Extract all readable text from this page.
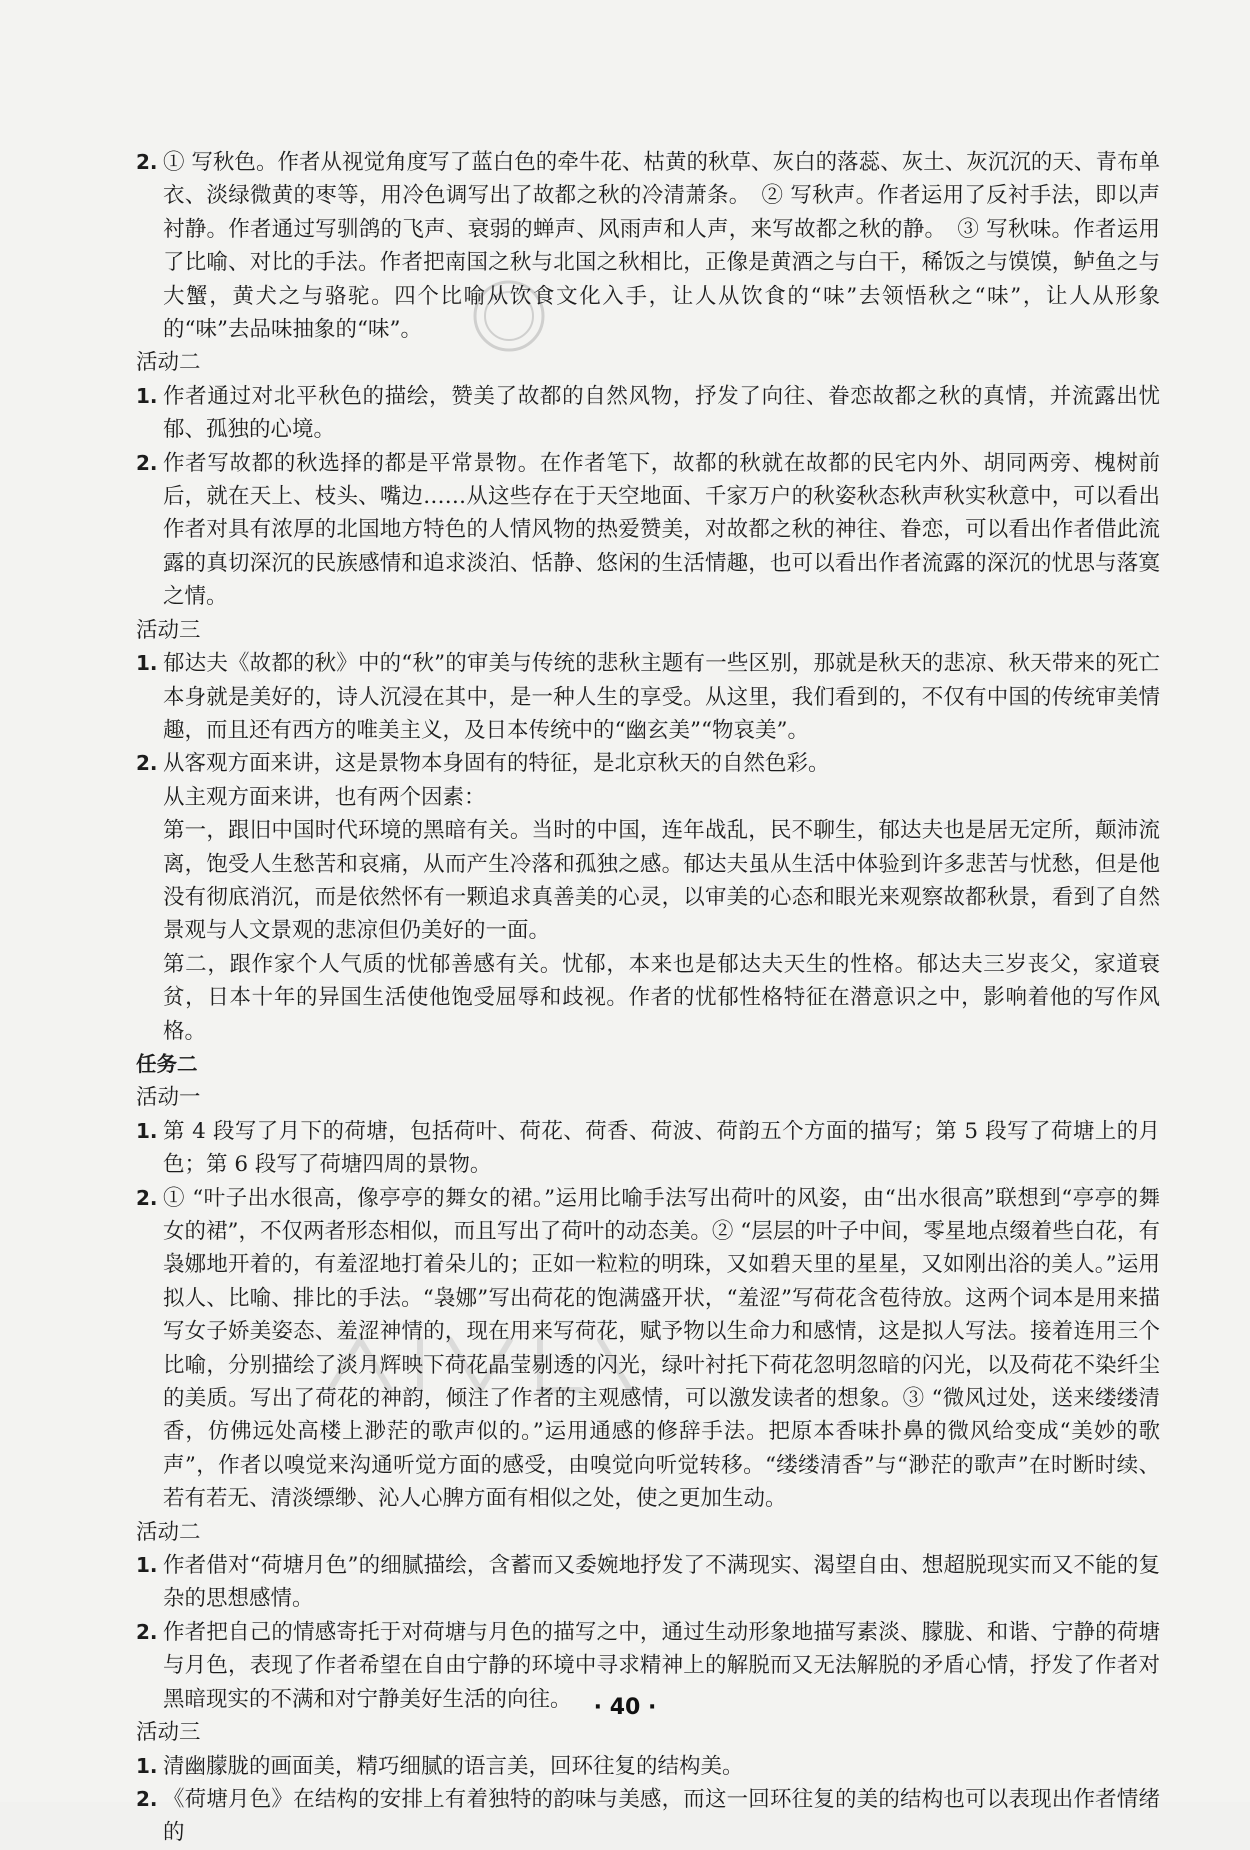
2. ① 写秋色。作者从视觉角度写了蓝白色的牵牛花、枯黄的秋草、灰白的落蕊、灰土、灰沉沉的天、青布单衣、淡绿微黄的枣等，用冷色调写出了故都之秋的冷清萧条。　② 写秋声。作者运用了反衬手法，即以声衬静。作者通过写驯鸽的飞声、衰弱的蝉声、风雨声和人声，来写故都之秋的静。　③ 写秋味。作者运用了比喻、对比的手法。作者把南国之秋与北国之秋相比，正像是黄酒之与白干，稀饭之与馍馍，鲈鱼之与大蟹，黄犬之与骆驼。四个比喻从饮食文化入手，让人从饮食的“味”去领悟秋之“味”，让人从形象的“味”去品味抽象的“味”。
活动二
1. 作者通过对北平秋色的描绘，赞美了故都的自然风物，抒发了向往、眷恋故都之秋的真情，并流露出忧郁、孤独的心境。
2. 作者写故都的秋选择的都是平常景物。在作者笔下，故都的秋就在故都的民宅内外、胡同两旁、槐树前后，就在天上、枝头、嘴边……从这些存在于天空地面、千家万户的秋姿秋态秋声秋实秋意中，可以看出作者对具有浓厚的北国地方特色的人情风物的热爱赞美，对故都之秋的神往、眷恋，可以看出作者借此流露的真切深沉的民族感情和追求淡泊、恬静、悠闲的生活情趣，也可以看出作者流露的深沉的忧思与落寞之情。
活动三
1. 郁达夫《故都的秋》中的“秋”的审美与传统的悲秋主题有一些区别，那就是秋天的悲凉、秋天带来的死亡本身就是美好的，诗人沉浸在其中，是一种人生的享受。从这里，我们看到的，不仅有中国的传统审美情趣，而且还有西方的唯美主义，及日本传统中的“幽玄美”“物哀美”。
2. 从客观方面来讲，这是景物本身固有的特征，是北京秋天的自然色彩。

从主观方面来讲，也有两个因素：

第一，跟旧中国时代环境的黑暗有关。当时的中国，连年战乱，民不聊生，郁达夫也是居无定所，颠沛流离，饱受人生愁苦和哀痛，从而产生冷落和孤独之感。郁达夫虽从生活中体验到许多悲苦与忧愁，但是他没有彻底消沉，而是依然怀有一颗追求真善美的心灵，以审美的心态和眼光来观察故都秋景，看到了自然景观与人文景观的悲凉但仍美好的一面。

第二，跟作家个人气质的忧郁善感有关。忧郁，本来也是郁达夫天生的性格。郁达夫三岁丧父，家道衰贫，日本十年的异国生活使他饱受屈辱和歧视。作者的忧郁性格特征在潜意识之中，影响着他的写作风格。

任务二
活动一
1. 第 4 段写了月下的荷塘，包括荷叶、荷花、荷香、荷波、荷韵五个方面的描写；第 5 段写了荷塘上的月色；第 6 段写了荷塘四周的景物。
2. ① “叶子出水很高，像亭亭的舞女的裙。”运用比喻手法写出荷叶的风姿，由“出水很高”联想到“亭亭的舞女的裙”，不仅两者形态相似，而且写出了荷叶的动态美。② “层层的叶子中间，零星地点缀着些白花，有袅娜地开着的，有羞涩地打着朵儿的；正如一粒粒的明珠，又如碧天里的星星，又如刚出浴的美人。”运用拟人、比喻、排比的手法。“袅娜”写出荷花的饱满盛开状，“羞涩”写荷花含苞待放。这两个词本是用来描写女子娇美姿态、羞涩神情的，现在用来写荷花，赋予物以生命力和感情，这是拟人写法。接着连用三个比喻，分别描绘了淡月辉映下荷花晶莹剔透的闪光，绿叶衬托下荷花忽明忽暗的闪光，以及荷花不染纤尘的美质。写出了荷花的神韵，倾注了作者的主观感情，可以激发读者的想象。③ “微风过处，送来缕缕清香，仿佛远处高楼上渺茫的歌声似的。”运用通感的修辞手法。把原本香味扑鼻的微风给变成“美妙的歌声”，作者以嗅觉来沟通听觉方面的感受，由嗅觉向听觉转移。“缕缕清香”与“渺茫的歌声”在时断时续、若有若无、清淡缥缈、沁人心脾方面有相似之处，使之更加生动。
活动二
1. 作者借对“荷塘月色”的细腻描绘，含蓄而又委婉地抒发了不满现实、渴望自由、想超脱现实而又不能的复杂的思想感情。
2. 作者把自己的情感寄托于对荷塘与月色的描写之中，通过生动形象地描写素淡、朦胧、和谐、宁静的荷塘与月色，表现了作者希望在自由宁静的环境中寻求精神上的解脱而又无法解脱的矛盾心情，抒发了作者对黑暗现实的不满和对宁静美好生活的向往。
活动三
1. 清幽朦胧的画面美，精巧细腻的语言美，回环往复的结构美。
2. 《荷塘月色》在结构的安排上有着独特的韵味与美感，而这一回环往复的美的结构也可以表现出作者情绪的
· 40 ·
